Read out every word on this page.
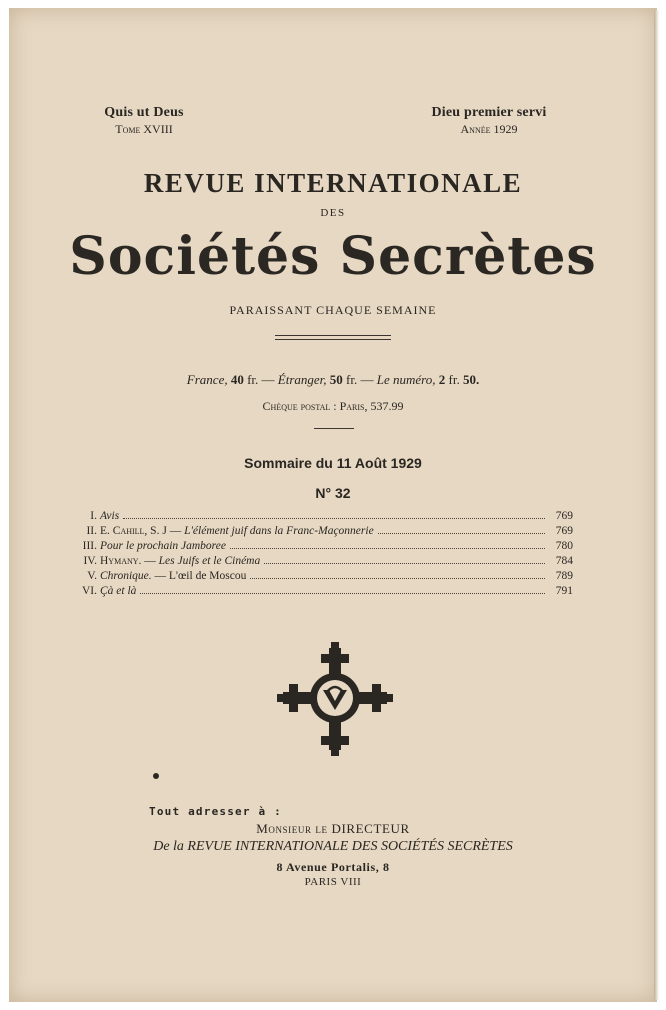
Quis ut Deus
Tome XVIII
Dieu premier servi
Année 1929
REVUE INTERNATIONALE
DES
Sociétés Secrètes
PARAISSANT CHAQUE SEMAINE
France, 40 fr. — Étranger, 50 fr. — Le numéro, 2 fr. 50.
Chèque postal : Paris, 537.99
Sommaire du 11 Août 1929
N° 32
I. Avis	769
II. E. Cahill, S. J — L'élément juif dans la Franc-Maçonnerie	769
III. Pour le prochain Jamboree	780
IV. Hymany. — Les Juifs et le Cinéma	784
V. Chronique. — L'œil de Moscou	789
VI. Çà et là	791
Tout adresser à :
Monsieur le DIRECTEUR
De la REVUE INTERNATIONALE DES SOCIÉTÉS SECRÈTES
8 Avenue Portalis, 8
PARIS VIII
